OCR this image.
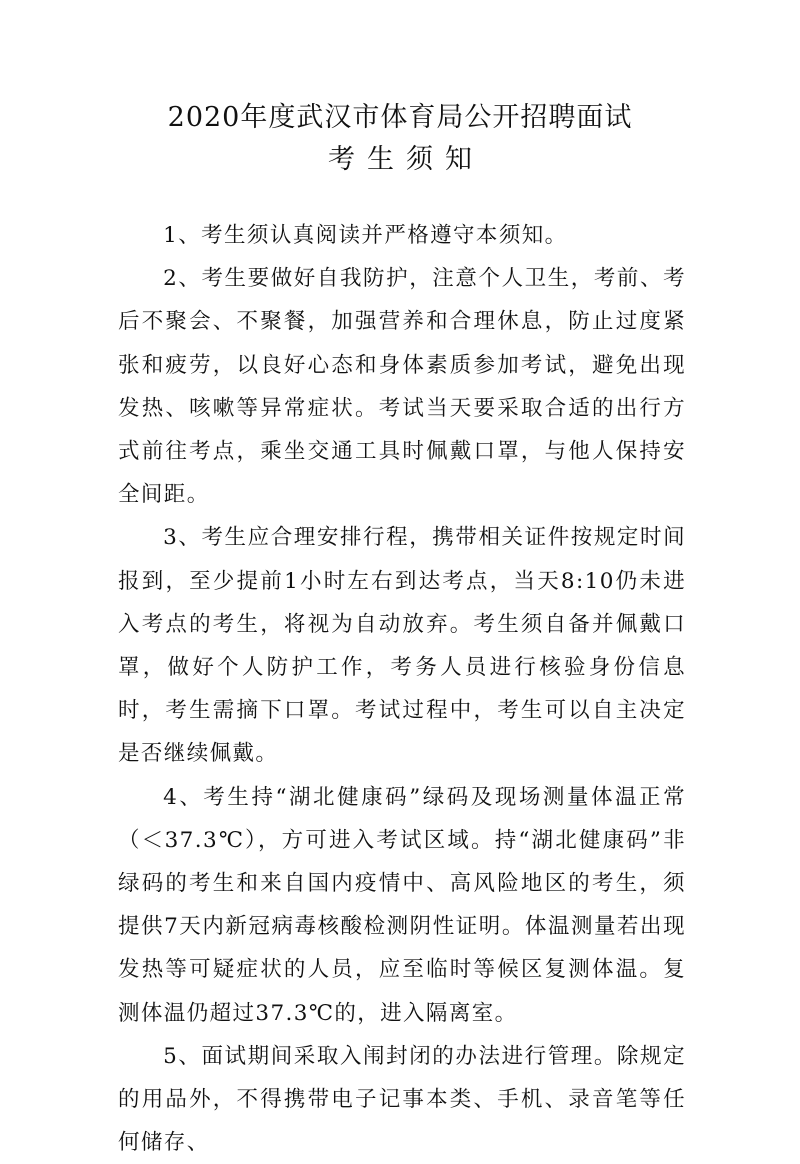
2020年度武汉市体育局公开招聘面试
考生须知

1、考生须认真阅读并严格遵守本须知。

2、考生要做好自我防护，注意个人卫生，考前、考后不聚会、不聚餐，加强营养和合理休息，防止过度紧张和疲劳，以良好心态和身体素质参加考试，避免出现发热、咳嗽等异常症状。考试当天要采取合适的出行方式前往考点，乘坐交通工具时佩戴口罩，与他人保持安全间距。

3、考生应合理安排行程，携带相关证件按规定时间报到，至少提前1小时左右到达考点，当天8:10仍未进入考点的考生，将视为自动放弃。考生须自备并佩戴口罩，做好个人防护工作，考务人员进行核验身份信息时，考生需摘下口罩。考试过程中，考生可以自主决定是否继续佩戴。

4、考生持“湖北健康码”绿码及现场测量体温正常（＜37.3℃），方可进入考试区域。持“湖北健康码”非绿码的考生和来自国内疫情中、高风险地区的考生，须提供7天内新冠病毒核酸检测阴性证明。体温测量若出现发热等可疑症状的人员，应至临时等候区复测体温。复测体温仍超过37.3℃的，进入隔离室。

5、面试期间采取入闱封闭的办法进行管理。除规定的用品外，不得携带电子记事本类、手机、录音笔等任何储存、
